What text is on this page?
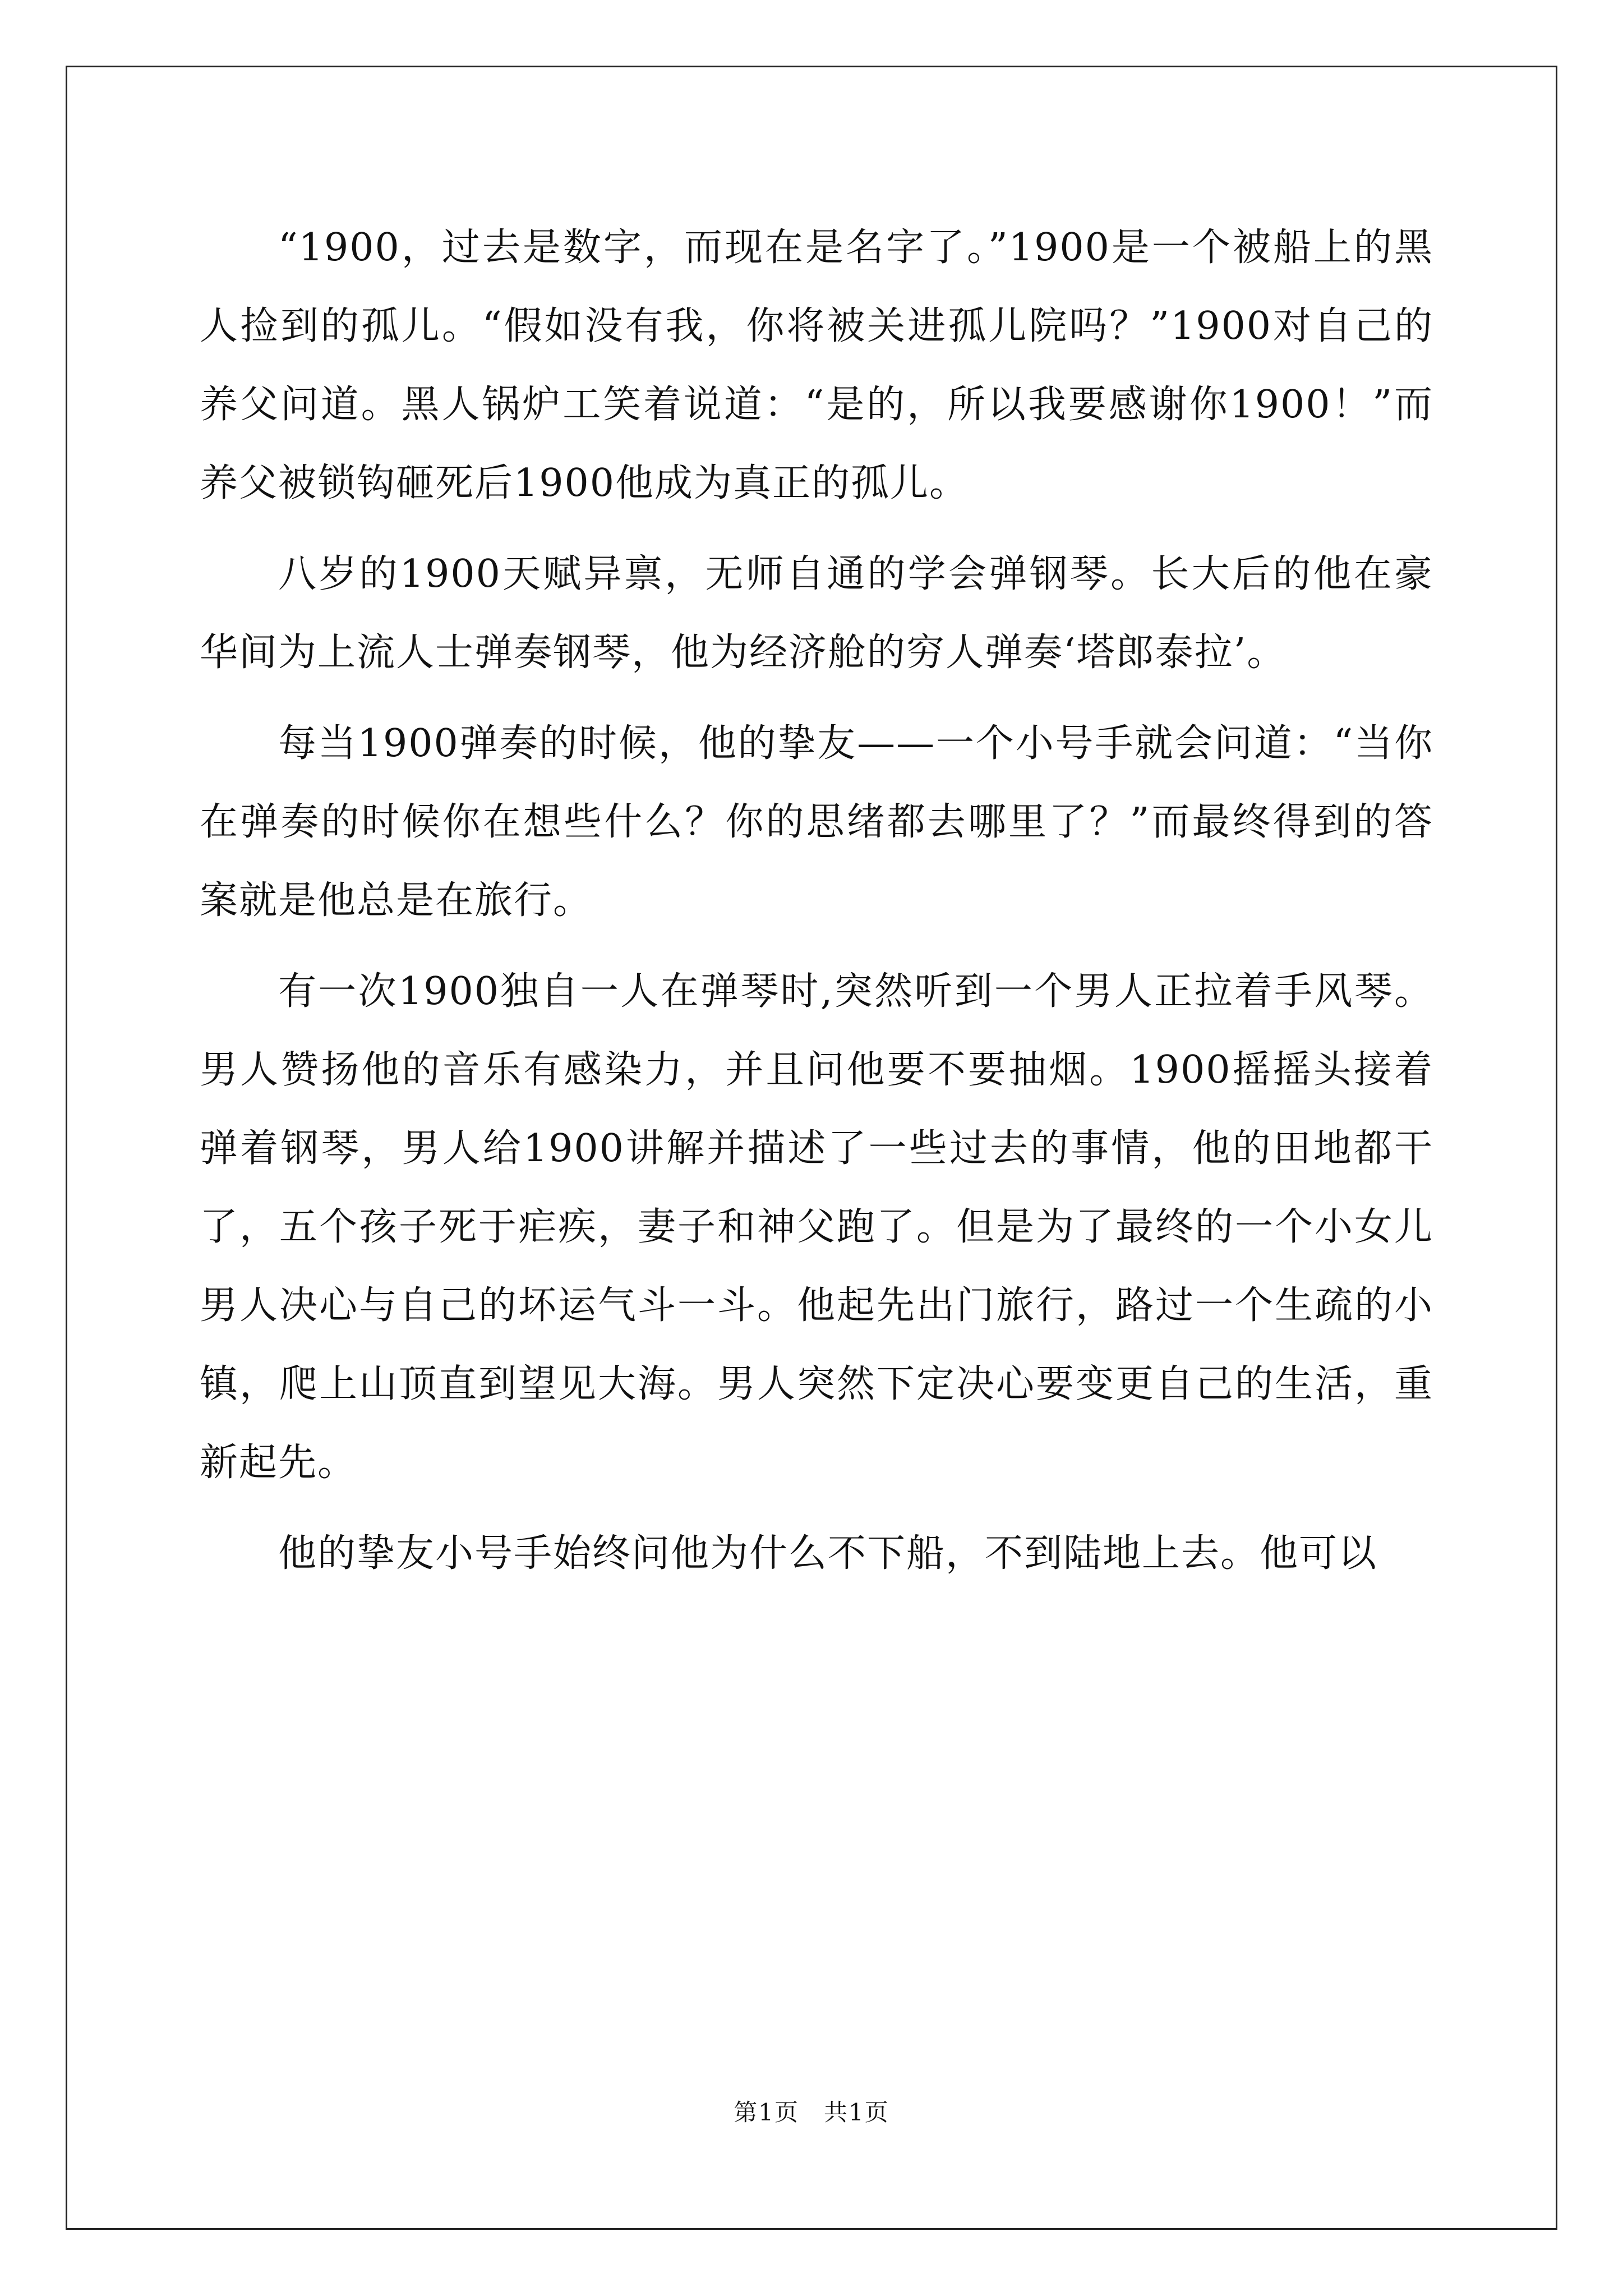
“1900，过去是数字，而现在是名字了。”1900是一个被船上的黑人捡到的孤儿。“假如没有我，你将被关进孤儿院吗？”1900对自己的养父问道。黑人锅炉工笑着说道：“是的，所以我要感谢你1900！”而养父被锁钩砸死后1900他成为真正的孤儿。

八岁的1900天赋异禀，无师自通的学会弹钢琴。长大后的他在豪华间为上流人士弹奏钢琴，他为经济舱的穷人弹奏‘塔郎泰拉’。

每当1900弹奏的时候，他的挚友——一个小号手就会问道：“当你在弹奏的时候你在想些什么？你的思绪都去哪里了？”而最终得到的答案就是他总是在旅行。

有一次1900独自一人在弹琴时,突然听到一个男人正拉着手风琴。男人赞扬他的音乐有感染力，并且问他要不要抽烟。1900摇摇头接着弹着钢琴，男人给1900讲解并描述了一些过去的事情，他的田地都干了，五个孩子死于疟疾，妻子和神父跑了。但是为了最终的一个小女儿男人决心与自己的坏运气斗一斗。他起先出门旅行，路过一个生疏的小镇，爬上山顶直到望见大海。男人突然下定决心要变更自己的生活，重新起先。

他的挚友小号手始终问他为什么不下船，不到陆地上去。他可以

第1页　共1页
